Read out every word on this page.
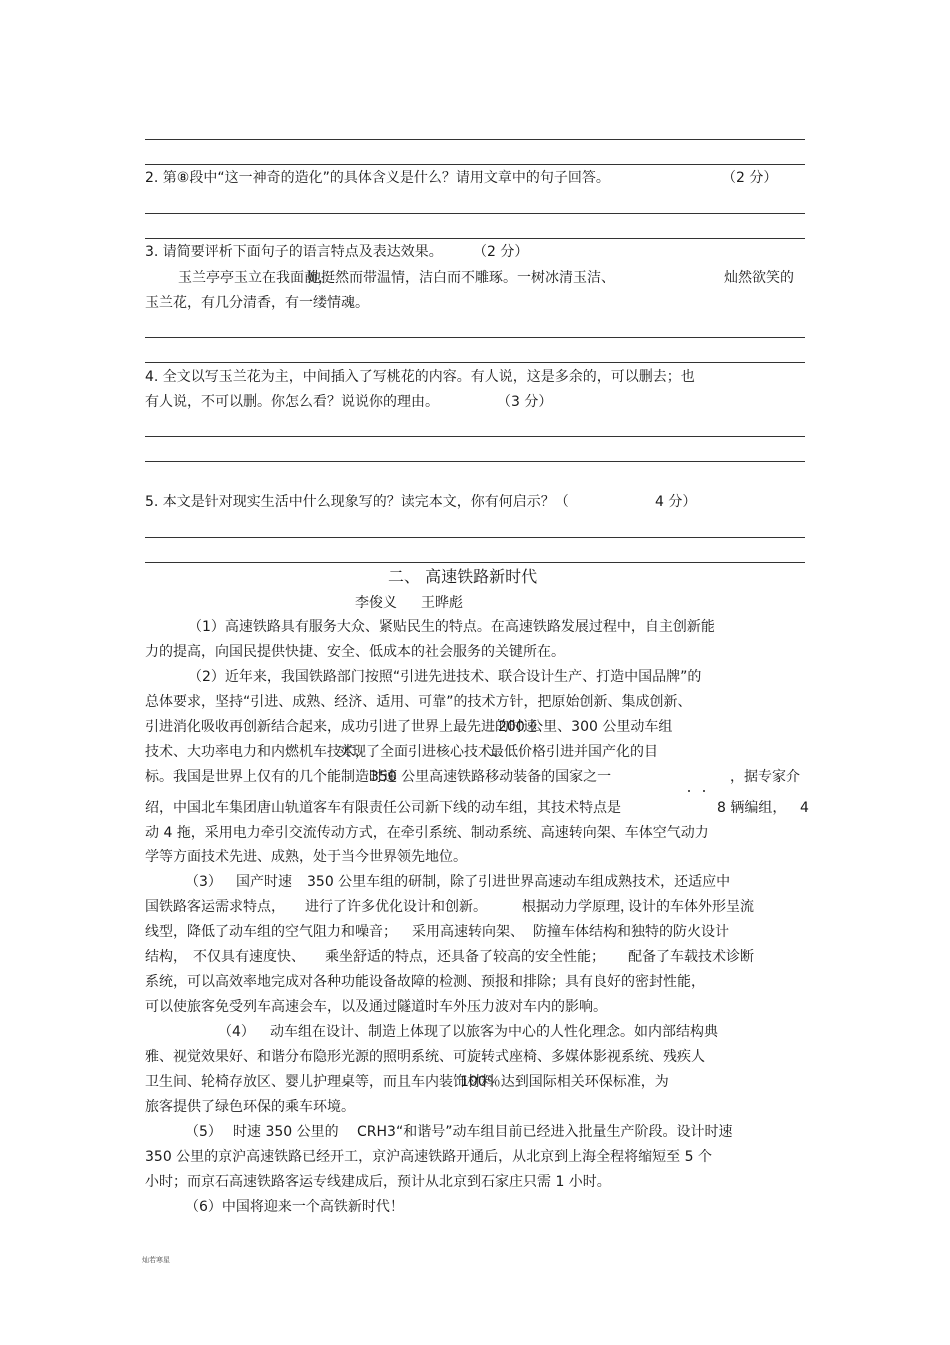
二、 高速铁路新时代
李俊义 王晔彪
灿若寒星
2. 第⑧段中“这一神奇的造化”的具体含义是什么？请用文章中的句子回答。	（2 分）
3. 请简要评析下面句子的语言特点及表达效果。 （2 分）
玉兰亭亭玉立在我面前，
她挺然而带温情，洁白而不雕琢。一树冰清玉洁、	灿然欲笑的
玉兰花，有几分清香，有一缕情魂。
4. 全文以写玉兰花为主，中间插入了写桃花的内容。有人说，这是多余的，可以删去；也
有人说，不可以删。你怎么看？说说你的理由。	（3 分）
5. 本文是针对现实生活中什么现象写的？读完本文，你有何启示？（	4 分）
（1）高速铁路具有服务大众、紧贴民生的特点。在高速铁路发展过程中，自主创新能
力的提高，向国民提供快捷、安全、低成本的社会服务的关键所在。
（2）近年来，我国铁路部门按照“引进先进技术、联合设计生产、打造中国品牌”的
总体要求，坚持“引进、成熟、经济、适用、可靠”的技术方针，把原始创新、集成创新、
引进消化吸收再创新结合起来，成功引进了世界上最先进的时速
200 公里、300 公里动车组
技术、大功率电力和内燃机车技术，
实现了全面引进核心技术、
最低价格引进并国产化的目
标。我国是世界上仅有的几个能制造时速
350 公里高速铁路移动装备的国家之一	，据专家介
绍，中国北车集团唐山轨道客车有限责任公司新下线的动车组，其技术特点是	8 辆编组， 4
动 4 拖，采用电力牵引交流传动方式，在牵引系统、制动系统、高速转向架、车体空气动力
学等方面技术先进、成熟，处于当今世界领先地位。
（3） 国产时速 350 公里车组的研制，除了引进世界高速动车组成熟技术，还适应中
国铁路客运需求特点， 进行了许多优化设计和创新。	根据动力学原理，
设计的车体外形呈流
线型，降低了动车组的空气阻力和噪音； 采用高速转向架、 防撞车体结构和独特的防火设计
结构， 不仅具有速度快、 乘坐舒适的特点，还具备了较高的安全性能； 配备了车载技术诊断
系统，可以高效率地完成对各种功能设备故障的检测、预报和排除；具有良好的密封性能，
可以使旅客免受列车高速会车，以及通过隧道时车外压力波对车内的影响。
（4） 动车组在设计、制造上体现了以旅客为中心的人性化理念。如内部结构典
雅、视觉效果好、和谐分布隐形光源的照明系统、可旋转式座椅、多媒体影视系统、残疾人
卫生间、轮椅存放区、婴儿护理桌等，而且车内装饰材料
100％达到国际相关环保标准，为
旅客提供了绿色环保的乘车环境。
（5） 时速 350 公里的 CRH3“和谐号”动车组目前已经进入批量生产阶段。设计时速
350 公里的京沪高速铁路已经开工，京沪高速铁路开通后，从北京到上海全程将缩短至 5 个
小时；而京石高速铁路客运专线建成后，预计从北京到石家庄只需 1 小时。
（6）中国将迎来一个高铁新时代！
